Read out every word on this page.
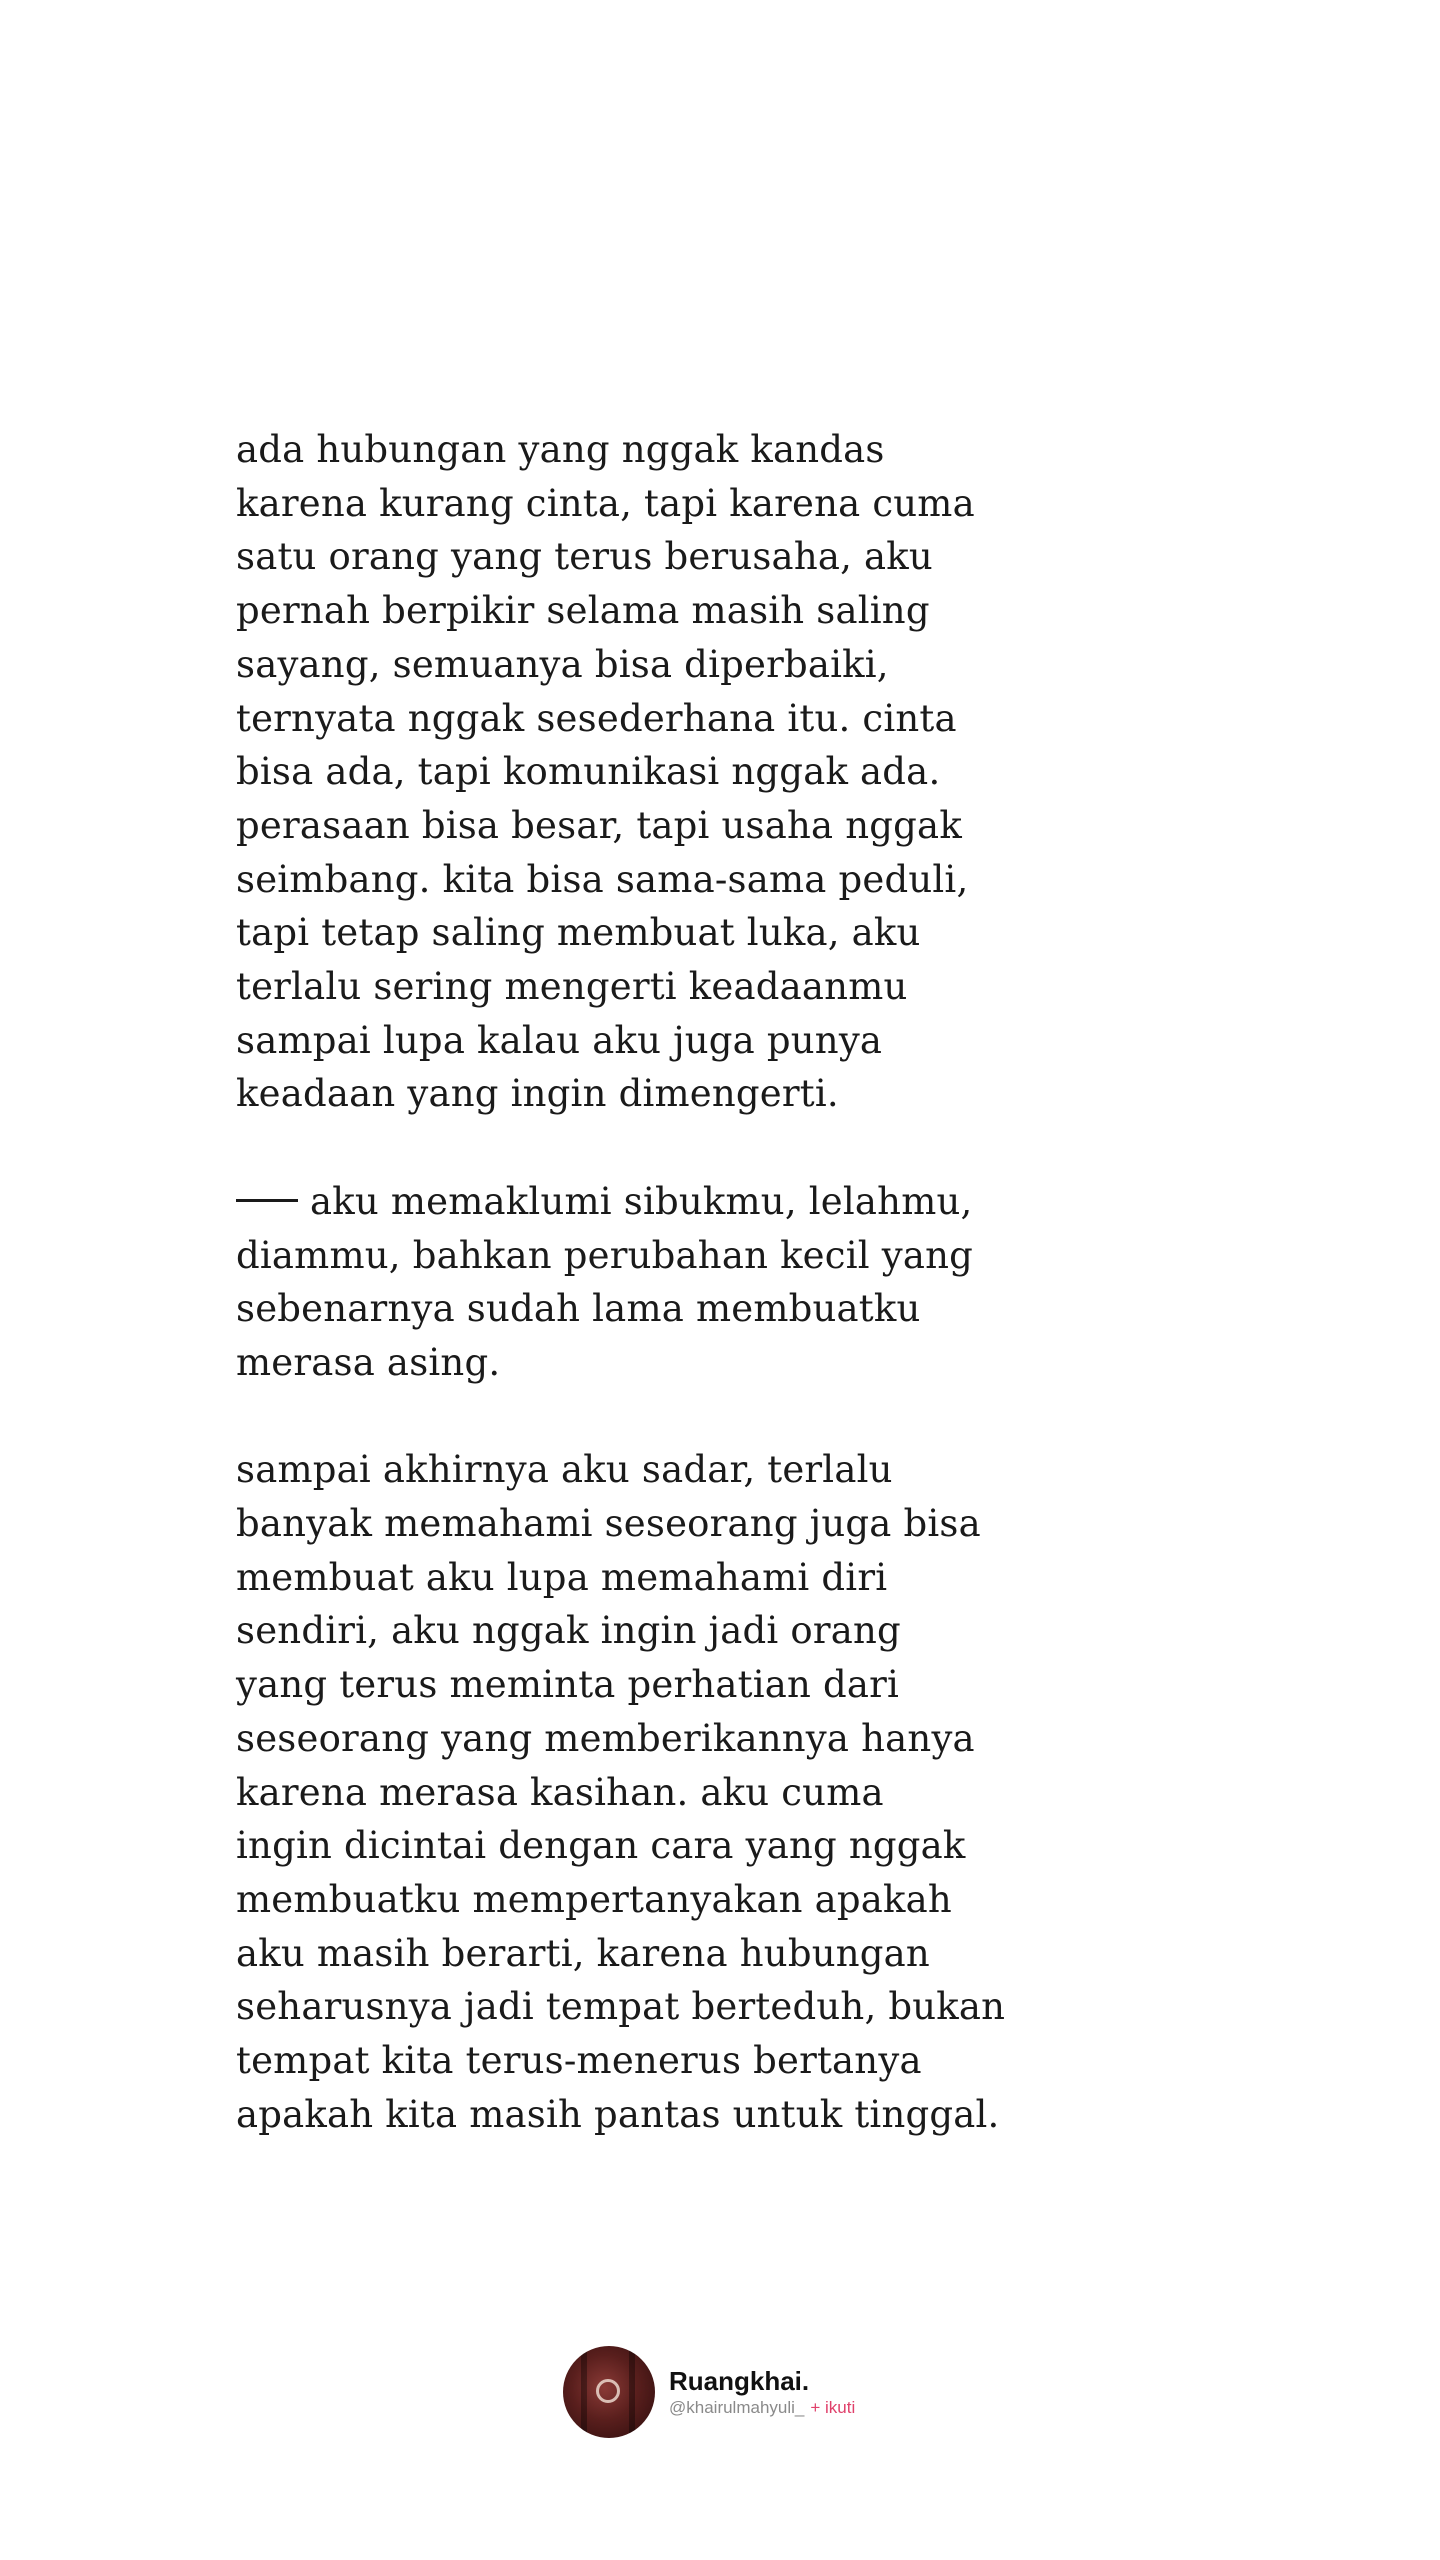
ada hubungan yang nggak kandas
karena kurang cinta, tapi karena cuma
satu orang yang terus berusaha, aku
pernah berpikir selama masih saling
sayang, semuanya bisa diperbaiki,
ternyata nggak sesederhana itu. cinta
bisa ada, tapi komunikasi nggak ada.
perasaan bisa besar, tapi usaha nggak
seimbang. kita bisa sama-sama peduli,
tapi tetap saling membuat luka, aku
terlalu sering mengerti keadaanmu
sampai lupa kalau aku juga punya
keadaan yang ingin dimengerti.
aku memaklumi sibukmu, lelahmu,
diammu, bahkan perubahan kecil yang
sebenarnya sudah lama membuatku
merasa asing.
sampai akhirnya aku sadar, terlalu
banyak memahami seseorang juga bisa
membuat aku lupa memahami diri
sendiri, aku nggak ingin jadi orang
yang terus meminta perhatian dari
seseorang yang memberikannya hanya
karena merasa kasihan. aku cuma
ingin dicintai dengan cara yang nggak
membuatku mempertanyakan apakah
aku masih berarti, karena hubungan
seharusnya jadi tempat berteduh, bukan
tempat kita terus-menerus bertanya
apakah kita masih pantas untuk tinggal.
Ruangkhai.
@khairulmahyuli_ + ikuti
